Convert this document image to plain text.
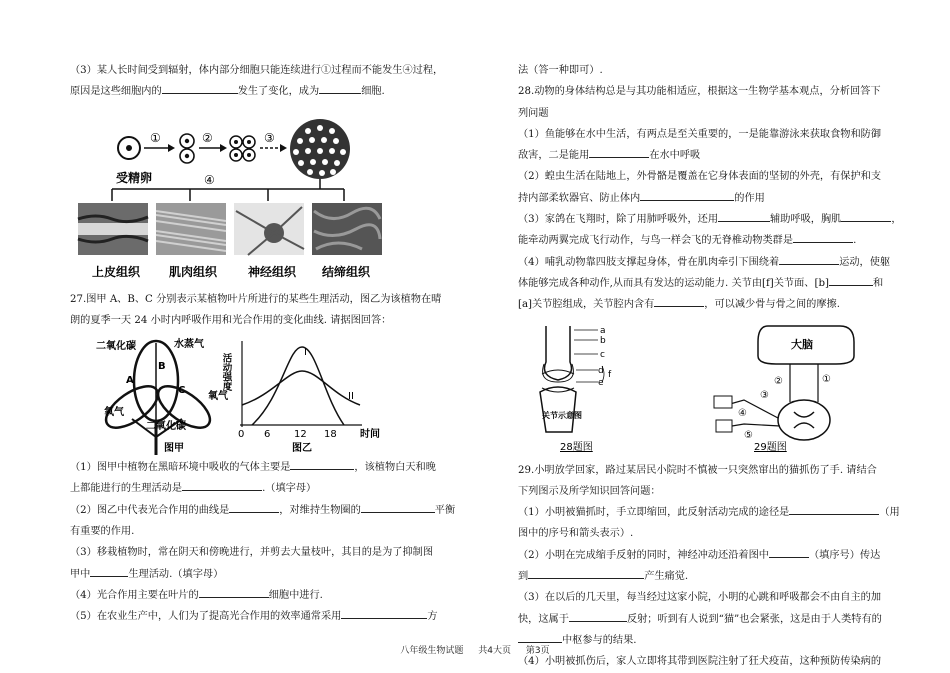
（3）某人长时间受到辐射，体内部分细胞只能连续进行①过程而不能发生④过程，

原因是这些细胞内的	发生了变化，成为	细胞.

受精卵
①	②	③
④
上皮组织 肌肉组织	神经组织 结缔组织

27.图甲 A、B、C 分别表示某植物叶片所进行的某些生理活动，图乙为该植物在晴

朗的夏季一天 24 小时内呼吸作用和光合作用的变化曲线. 请据图回答：

二氧化碳	水蒸气
A
B
C
氧气
氧气
二氧化碳
图甲
活动强度
I
II
0 6 12 18 时间
图乙

（1）图甲中植物在黑暗环境中吸收的气体主要是	，该植物白天和晚

上都能进行的生理活动是	.（填字母）

（2）图乙中代表光合作用的曲线是	，对维持生物圈的	平衡

有重要的作用.

（3）移栽植物时，常在阴天和傍晚进行，并剪去大量枝叶，其目的是为了抑制图

甲中	生理活动.（填字母）

（4）光合作用主要在叶片的	细胞中进行.

（5）在农业生产中，人们为了提高光合作用的效率通常采用	方

法（答一种即可）.

28.动物的身体结构总是与其功能相适应，根据这一生物学基本观点，分析回答下

列问题

（1）鱼能够在水中生活，有两点是至关重要的，一是能靠游泳来获取食物和防御

敌害，二是能用	在水中呼吸

（2）蝗虫生活在陆地上，外骨骼是覆盖在它身体表面的坚韧的外壳，有保护和支

持内部柔软器官、防止体内	的作用

（3）家鸽在飞翔时，除了用肺呼吸外，还用	辅助呼吸，胸肌	，

能牵动两翼完成飞行动作，与鸟一样会飞的无脊椎动物类群是	.

（4）哺乳动物靠四肢支撑起身体，骨在肌肉牵引下围绕着	运动，使躯

体能够完成各种动作,从而具有发达的运动能力. 关节由[f]关节面、[b]	和

[a]关节腔组成，关节腔内含有	，可以减少骨与骨之间的摩擦.

a
b
c
d
e
f
关节示意图
28题图
大脑
①
②
③
④
⑤
29题图

29.小明放学回家，路过某居民小院时不慎被一只突然窜出的猫抓伤了手. 请结合

下列图示及所学知识回答问题：

（1）小明被猫抓时，手立即缩回，此反射活动完成的途径是	（用

图中的序号和箭头表示）.

（2）小明在完成缩手反射的同时，神经冲动还沿着图中	（填序号）传达

到	产生痛觉.

（3）在以后的几天里，每当经过这家小院，小明的心跳和呼吸都会不由自主的加

快，这属于	反射；听到有人说到“猫”也会紧张，这是由于人类特有的

中枢参与的结果.

（4）小明被抓伤后，家人立即将其带到医院注射了狂犬疫苗，这种预防传染病的

八年级生物试题 共4大页 第3页
